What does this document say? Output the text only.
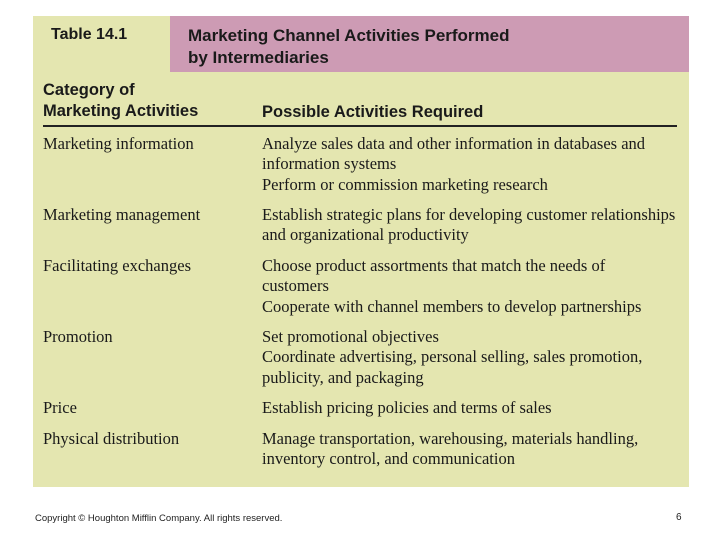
Table 14.1	Marketing Channel Activities Performed
by Intermediaries
Category of
Marketing Activities	Possible Activities Required
Marketing information	Analyze sales data and other information in databases and
information systems
Perform or commission marketing research
Marketing management	Establish strategic plans for developing customer relationships
and organizational productivity
Facilitating exchanges	Choose product assortments that match the needs of
customers
Cooperate with channel members to develop partnerships
Promotion	Set promotional objectives
Coordinate advertising, personal selling, sales promotion,
publicity, and packaging
Price	Establish pricing policies and terms of sales
Physical distribution	Manage transportation, warehousing, materials handling,
inventory control, and communication
Copyright © Houghton Mifflin Company. All rights reserved.	6
